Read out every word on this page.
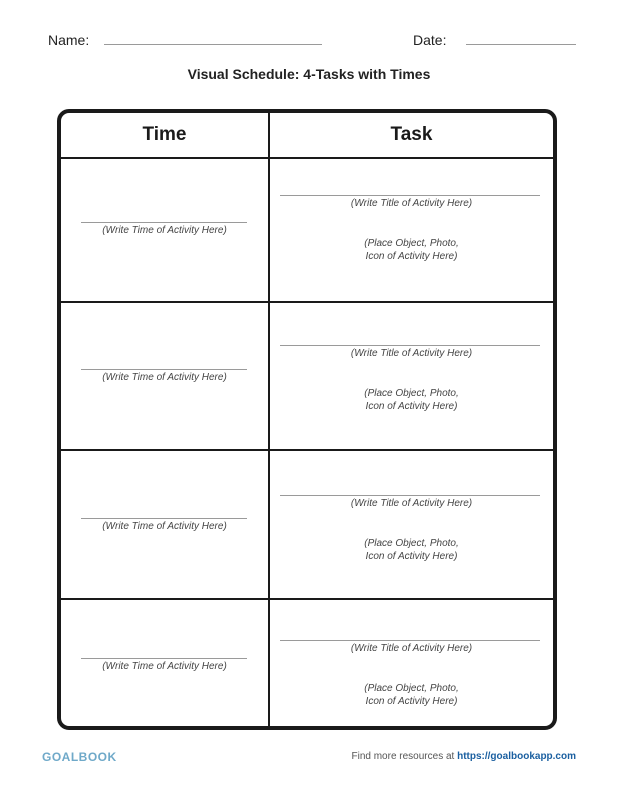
Name:	Date:
Visual Schedule: 4-Tasks with Times
Time	Task
(Write Time of Activity Here)
(Write Title of Activity Here)
(Place Object, Photo,
Icon of Activity Here)
(Write Time of Activity Here)
(Write Title of Activity Here)
(Place Object, Photo,
Icon of Activity Here)
(Write Time of Activity Here)
(Write Title of Activity Here)
(Place Object, Photo,
Icon of Activity Here)
(Write Time of Activity Here)
(Write Title of Activity Here)
(Place Object, Photo,
Icon of Activity Here)
GOALBOOK	Find more resources at https://goalbookapp.com
